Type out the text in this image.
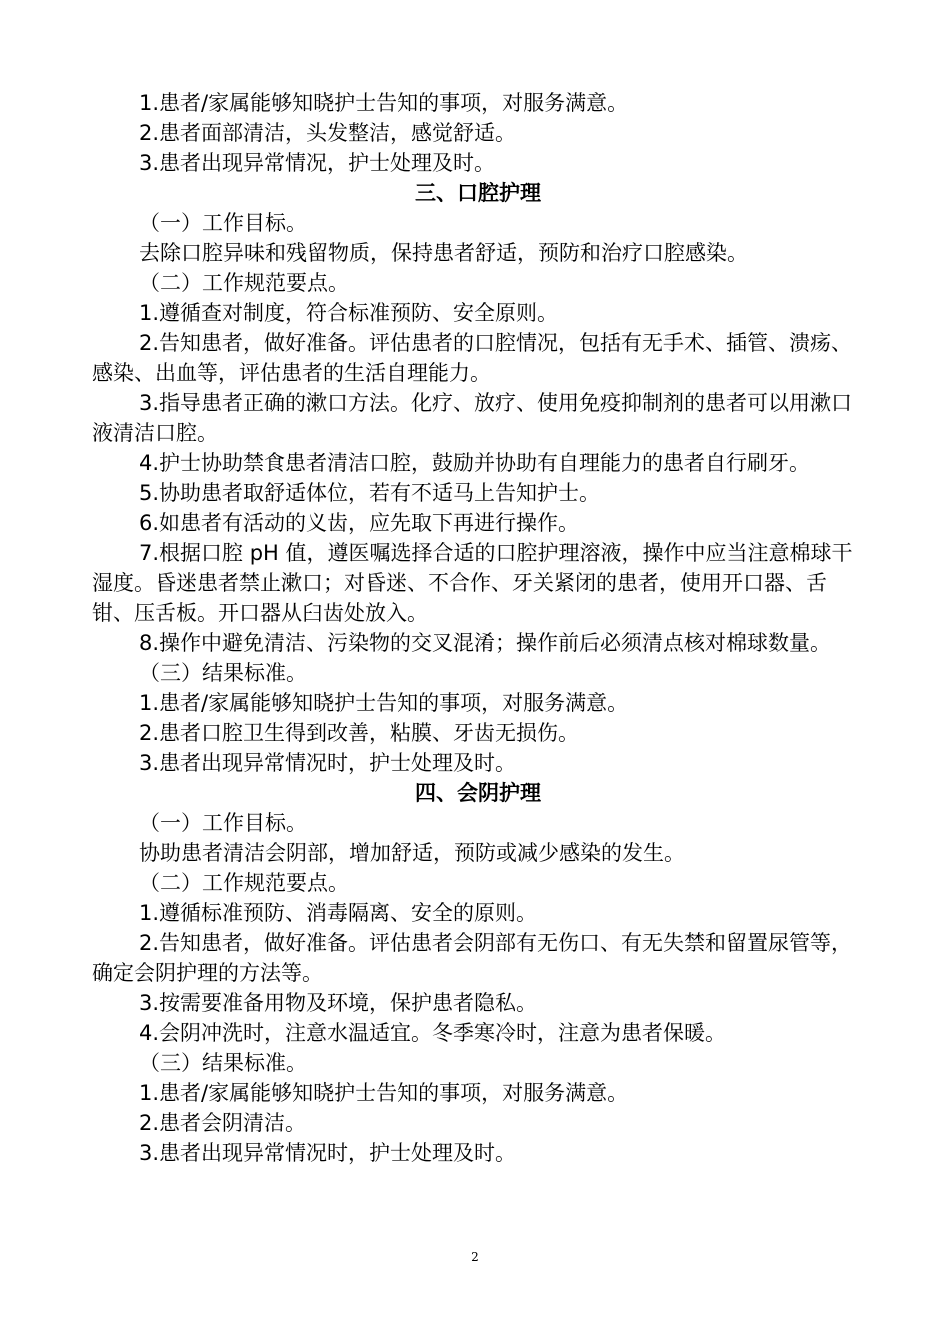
1.患者/家属能够知晓护士告知的事项，对服务满意。

2.患者面部清洁，头发整洁，感觉舒适。

3.患者出现异常情况，护士处理及时。

三、口腔护理

（一）工作目标。

去除口腔异味和残留物质，保持患者舒适，预防和治疗口腔感染。

（二）工作规范要点。

1.遵循查对制度，符合标准预防、安全原则。

2.告知患者，做好准备。评估患者的口腔情况，包括有无手术、插管、溃疡、感染、出血等，评估患者的生活自理能力。

3.指导患者正确的漱口方法。化疗、放疗、使用免疫抑制剂的患者可以用漱口液清洁口腔。

4.护士协助禁食患者清洁口腔，鼓励并协助有自理能力的患者自行刷牙。

5.协助患者取舒适体位，若有不适马上告知护士。

6.如患者有活动的义齿，应先取下再进行操作。

7.根据口腔 pH 值，遵医嘱选择合适的口腔护理溶液，操作中应当注意棉球干湿度。昏迷患者禁止漱口；对昏迷、不合作、牙关紧闭的患者，使用开口器、舌钳、压舌板。开口器从臼齿处放入。

8.操作中避免清洁、污染物的交叉混淆；操作前后必须清点核对棉球数量。

（三）结果标准。

1.患者/家属能够知晓护士告知的事项，对服务满意。

2.患者口腔卫生得到改善，粘膜、牙齿无损伤。

3.患者出现异常情况时，护士处理及时。

四、会阴护理

（一）工作目标。

协助患者清洁会阴部，增加舒适，预防或减少感染的发生。

（二）工作规范要点。

1.遵循标准预防、消毒隔离、安全的原则。

2.告知患者，做好准备。评估患者会阴部有无伤口、有无失禁和留置尿管等，确定会阴护理的方法等。

3.按需要准备用物及环境，保护患者隐私。

4.会阴冲洗时，注意水温适宜。冬季寒冷时，注意为患者保暖。

（三）结果标准。

1.患者/家属能够知晓护士告知的事项，对服务满意。

2.患者会阴清洁。

3.患者出现异常情况时，护士处理及时。

2
